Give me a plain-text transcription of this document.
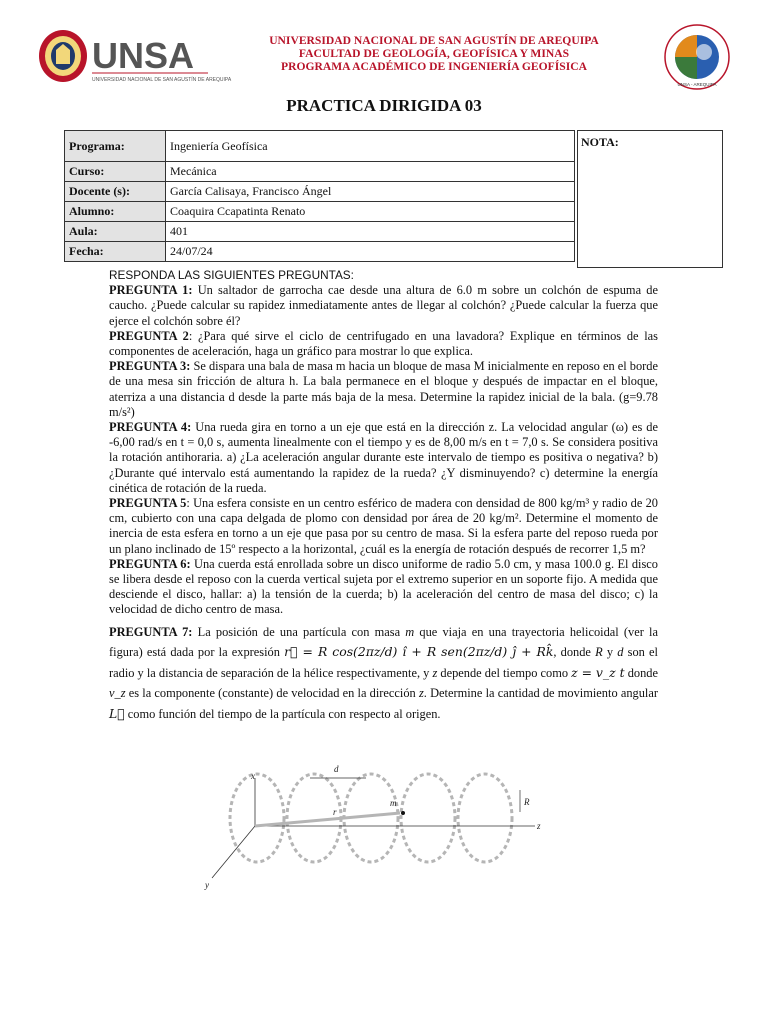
UNSA
UNIVERSIDAD NACIONAL DE SAN AGUSTÍN DE AREQUIPA
UNIVERSIDAD NACIONAL DE SAN AGUSTÍN DE AREQUIPA
FACULTAD DE GEOLOGÍA, GEOFÍSICA Y MINAS
PROGRAMA ACADÉMICO DE INGENIERÍA GEOFÍSICA
UNSA - AREQUIPA
PRACTICA DIRIGIDA 03
Programa:	Ingeniería Geofísica
Curso:	Mecánica
Docente (s):	García Calisaya, Francisco Ángel
Alumno:	Coaquira Ccapatinta Renato
Aula:	401
Fecha:	24/07/24
NOTA:

RESPONDA LAS SIGUIENTES PREGUNTAS:

PREGUNTA 1: Un saltador de garrocha cae desde una altura de 6.0 m sobre un colchón de espuma de caucho. ¿Puede calcular su rapidez inmediatamente antes de llegar al colchón? ¿Puede calcular la fuerza que ejerce el colchón sobre él?

PREGUNTA 2: ¿Para qué sirve el ciclo de centrifugado en una lavadora? Explique en términos de las componentes de aceleración, haga un gráfico para mostrar lo que explica.

PREGUNTA 3: Se dispara una bala de masa m hacia un bloque de masa M inicialmente en reposo en el borde de una mesa sin fricción de altura h. La bala permanece en el bloque y después de impactar en el bloque, aterriza a una distancia d desde la parte más baja de la mesa. Determine la rapidez inicial de la bala. (g=9.78 m/s²)

PREGUNTA 4: Una rueda gira en torno a un eje que está en la dirección z. La velocidad angular (ω) es de -6,00 rad/s en t = 0,0 s, aumenta linealmente con el tiempo y es de 8,00 m/s en t = 7,0 s. Se considera positiva la rotación antihoraria. a) ¿La aceleración angular durante este intervalo de tiempo es positiva o negativa? b) ¿Durante qué intervalo está aumentando la rapidez de la rueda? ¿Y disminuyendo? c) determine la energía cinética de rotación de la rueda.

PREGUNTA 5: Una esfera consiste en un centro esférico de madera con densidad de 800 kg/m³ y radio de 20 cm, cubierto con una capa delgada de plomo con densidad por área de 20 kg/m². Determine el momento de inercia de esta esfera en torno a un eje que pasa por su centro de masa. Si la esfera parte del reposo rueda por un plano inclinado de 15º respecto a la horizontal, ¿cuál es la energía de rotación después de recorrer 1,5 m?

PREGUNTA 6: Una cuerda está enrollada sobre un disco uniforme de radio 5.0 cm, y masa 100.0 g. El disco se libera desde el reposo con la cuerda vertical sujeta por el extremo superior en un soporte fijo. A medida que desciende el disco, hallar: a) la tensión de la cuerda; b) la aceleración del centro de masa del disco; c) la velocidad de dicho centro de masa.

PREGUNTA 7: La posición de una partícula con masa m que viaja en una trayectoria helicoidal (ver la figura) está dada por la expresión r⃗ = R cos(2πz/d) î + R sen(2πz/d) ĵ + Rk̂, donde R y d son el radio y la distancia de separación de la hélice respectivamente, y z depende del tiempo como z = v_z t donde v_z es la componente (constante) de velocidad en la dirección z. Determine la cantidad de movimiento angular L⃗ como función del tiempo de la partícula con respecto al origen.

x
y
z
d
R
r⃗
m
